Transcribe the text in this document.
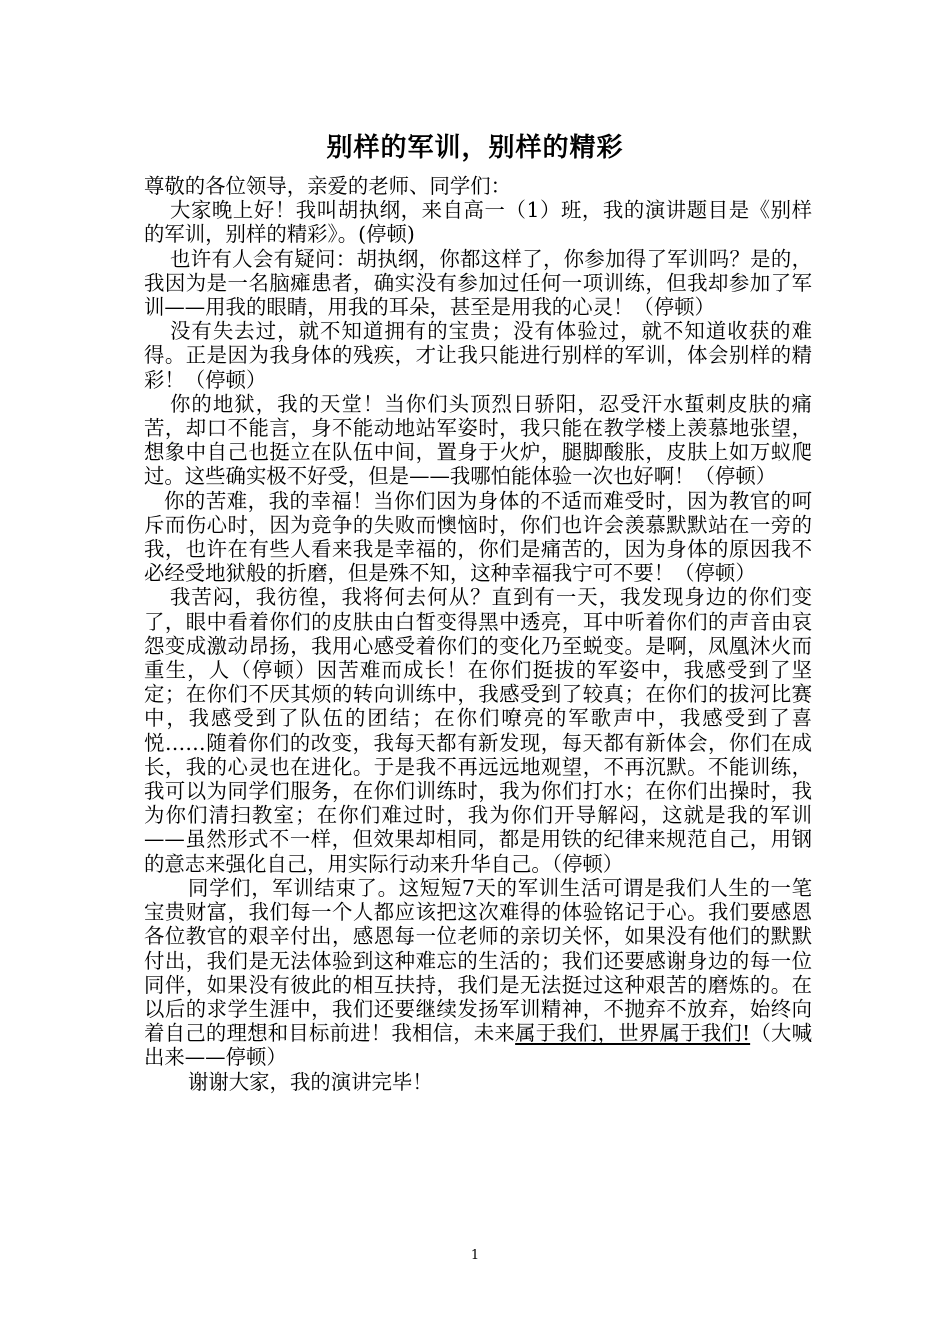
别样的军训，别样的精彩

尊敬的各位领导，亲爱的老师、同学们：

大家晚上好！我叫胡执纲，来自高一（1）班，我的演讲题目是《别样的军训，别样的精彩》。(停顿)

也许有人会有疑问：胡执纲，你都这样了，你参加得了军训吗？是的，我因为是一名脑瘫患者，确实没有参加过任何一项训练，但我却参加了军训——用我的眼睛，用我的耳朵，甚至是用我的心灵！（停顿）

没有失去过，就不知道拥有的宝贵；没有体验过，就不知道收获的难得。正是因为我身体的残疾，才让我只能进行别样的军训，体会别样的精彩！（停顿）

你的地狱，我的天堂！当你们头顶烈日骄阳，忍受汗水蜇刺皮肤的痛苦，却口不能言，身不能动地站军姿时，我只能在教学楼上羡慕地张望，想象中自己也挺立在队伍中间，置身于火炉，腿脚酸胀，皮肤上如万蚁爬过。这些确实极不好受，但是——我哪怕能体验一次也好啊！（停顿）

你的苦难，我的幸福！当你们因为身体的不适而难受时，因为教官的呵斥而伤心时，因为竞争的失败而懊恼时，你们也许会羡慕默默站在一旁的我，也许在有些人看来我是幸福的，你们是痛苦的，因为身体的原因我不必经受地狱般的折磨，但是殊不知，这种幸福我宁可不要！（停顿）

我苦闷，我彷徨，我将何去何从？直到有一天，我发现身边的你们变了，眼中看着你们的皮肤由白皙变得黑中透亮，耳中听着你们的声音由哀怨变成激动昂扬，我用心感受着你们的变化乃至蜕变。是啊，凤凰沐火而重生，人（停顿）因苦难而成长！在你们挺拔的军姿中，我感受到了坚定；在你们不厌其烦的转向训练中，我感受到了较真；在你们的拔河比赛中，我感受到了队伍的团结；在你们嘹亮的军歌声中，我感受到了喜悦……随着你们的改变，我每天都有新发现，每天都有新体会，你们在成长，我的心灵也在进化。于是我不再远远地观望，不再沉默。不能训练，我可以为同学们服务，在你们训练时，我为你们打水；在你们出操时，我为你们清扫教室；在你们难过时，我为你们开导解闷，这就是我的军训——虽然形式不一样，但效果却相同，都是用铁的纪律来规范自己，用钢的意志来强化自己，用实际行动来升华自己。（停顿）

同学们，军训结束了。这短短7天的军训生活可谓是我们人生的一笔宝贵财富，我们每一个人都应该把这次难得的体验铭记于心。我们要感恩各位教官的艰辛付出，感恩每一位老师的亲切关怀，如果没有他们的默默付出，我们是无法体验到这种难忘的生活的；我们还要感谢身边的每一位同伴，如果没有彼此的相互扶持，我们是无法挺过这种艰苦的磨炼的。在以后的求学生涯中，我们还要继续发扬军训精神，不抛弃不放弃，始终向着自己的理想和目标前进！我相信，未来属于我们，世界属于我们!（大喊出来——停顿）

谢谢大家，我的演讲完毕！

1
